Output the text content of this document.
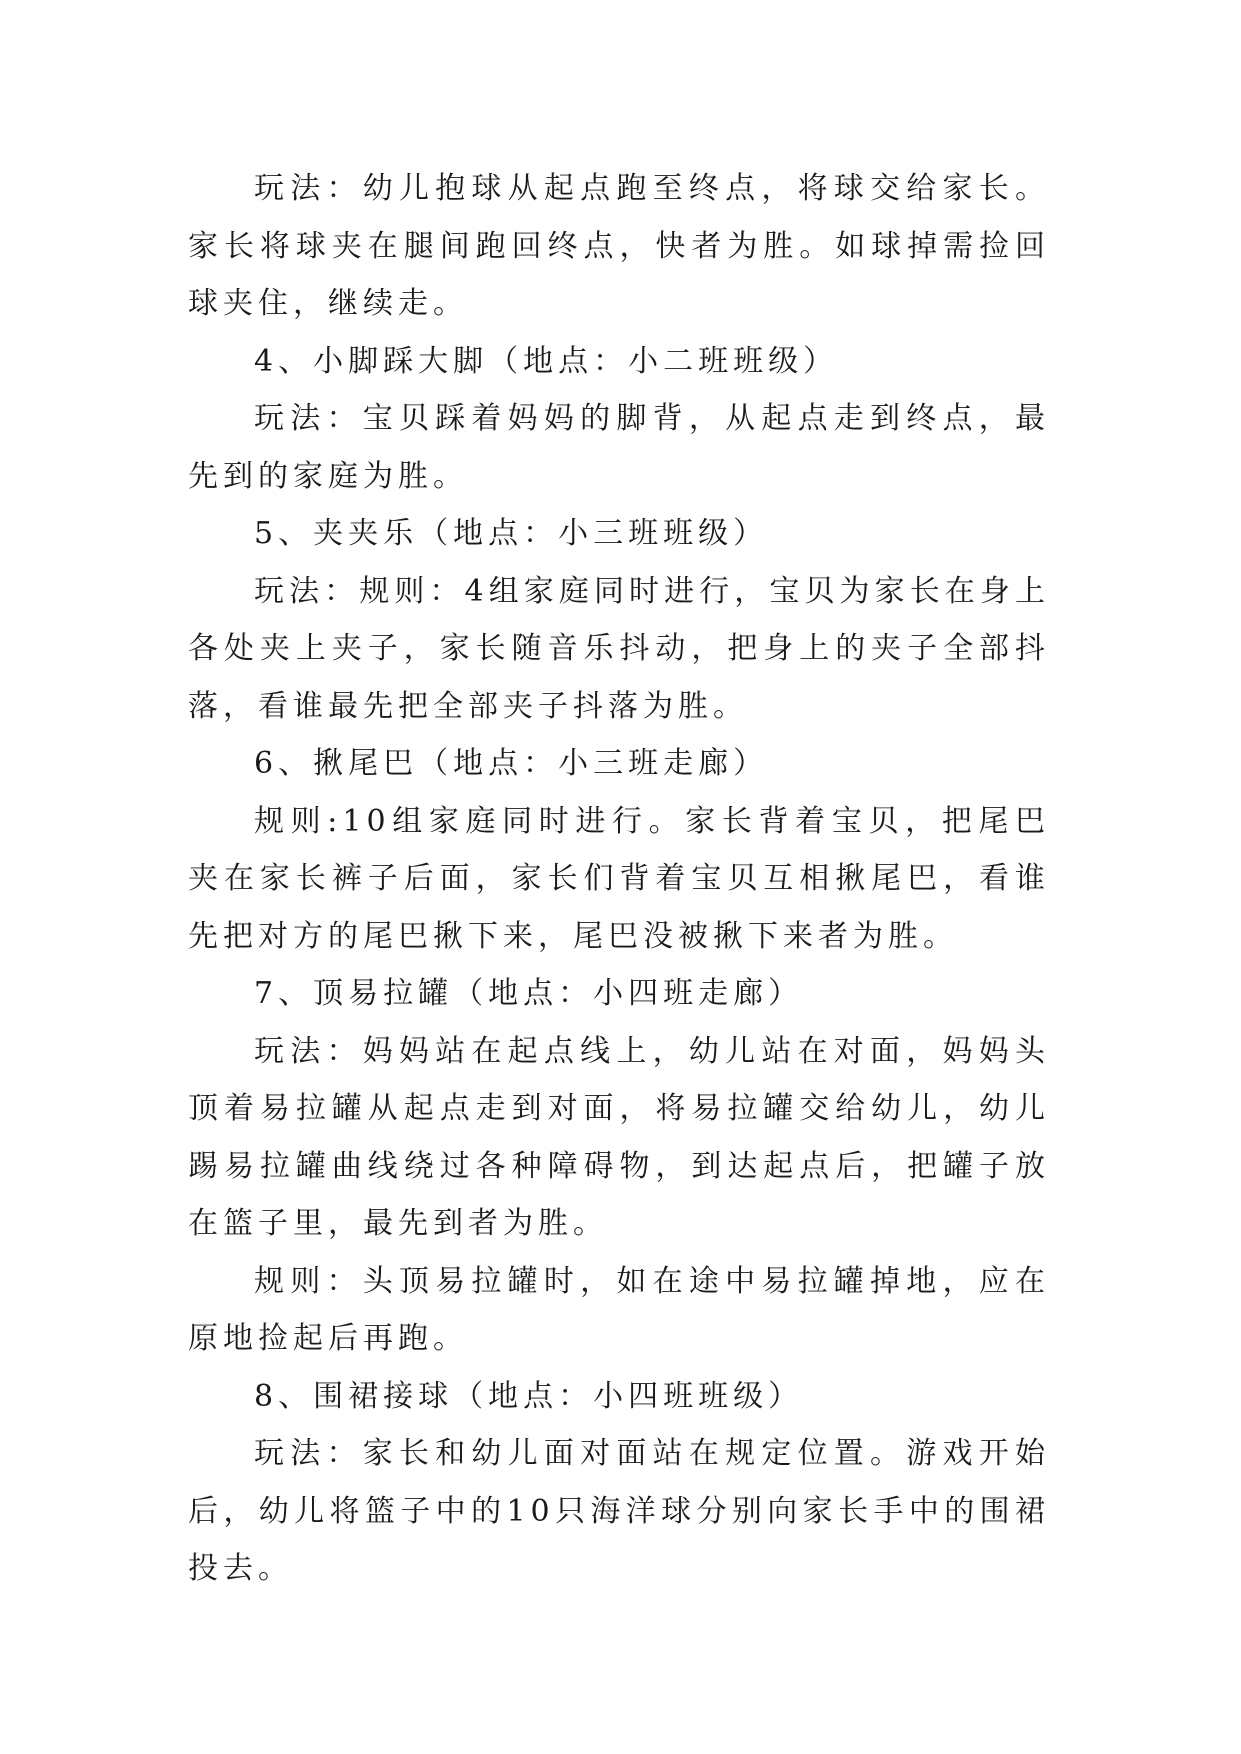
玩法：幼儿抱球从起点跑至终点，将球交给家长。家长将球夹在腿间跑回终点，快者为胜。如球掉需捡回球夹住，继续走。

4、小脚踩大脚（地点：小二班班级）

玩法：宝贝踩着妈妈的脚背，从起点走到终点，最先到的家庭为胜。

5、夹夹乐（地点：小三班班级）

玩法：规则：4组家庭同时进行，宝贝为家长在身上各处夹上夹子，家长随音乐抖动，把身上的夹子全部抖落，看谁最先把全部夹子抖落为胜。

6、揪尾巴（地点：小三班走廊）

规则:10组家庭同时进行。家长背着宝贝，把尾巴夹在家长裤子后面，家长们背着宝贝互相揪尾巴，看谁先把对方的尾巴揪下来，尾巴没被揪下来者为胜。

7、顶易拉罐（地点：小四班走廊）

玩法：妈妈站在起点线上，幼儿站在对面，妈妈头顶着易拉罐从起点走到对面，将易拉罐交给幼儿，幼儿踢易拉罐曲线绕过各种障碍物，到达起点后，把罐子放在篮子里，最先到者为胜。

规则：头顶易拉罐时，如在途中易拉罐掉地，应在原地捡起后再跑。

8、围裙接球（地点：小四班班级）

玩法：家长和幼儿面对面站在规定位置。游戏开始后，幼儿将篮子中的10只海洋球分别向家长手中的围裙投去。
